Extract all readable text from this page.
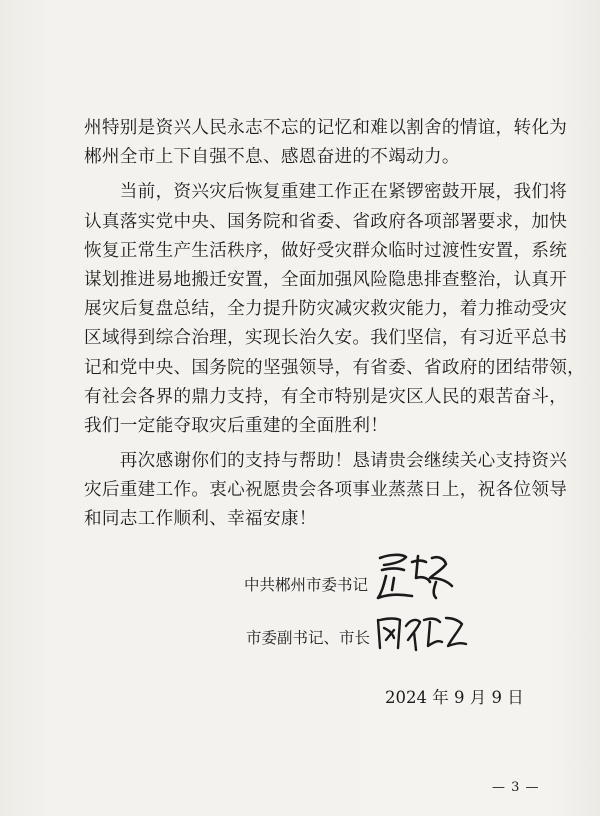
州特别是资兴人民永志不忘的记忆和难以割舍的情谊，转化为
郴州全市上下自强不息、感恩奋进的不竭动力。
　　当前，资兴灾后恢复重建工作正在紧锣密鼓开展，我们将
认真落实党中央、国务院和省委、省政府各项部署要求，加快
恢复正常生产生活秩序，做好受灾群众临时过渡性安置，系统
谋划推进易地搬迁安置，全面加强风险隐患排查整治，认真开
展灾后复盘总结，全力提升防灾减灾救灾能力，着力推动受灾
区域得到综合治理，实现长治久安。我们坚信，有习近平总书
记和党中央、国务院的坚强领导，有省委、省政府的团结带领，
有社会各界的鼎力支持，有全市特别是灾区人民的艰苦奋斗，
我们一定能夺取灾后重建的全面胜利！
　　再次感谢你们的支持与帮助！恳请贵会继续关心支持资兴
灾后重建工作。衷心祝愿贵会各项事业蒸蒸日上，祝各位领导
和同志工作顺利、幸福安康！
中共郴州市委书记
市委副书记、市长
2024 年 9 月 9 日
— 3 —
